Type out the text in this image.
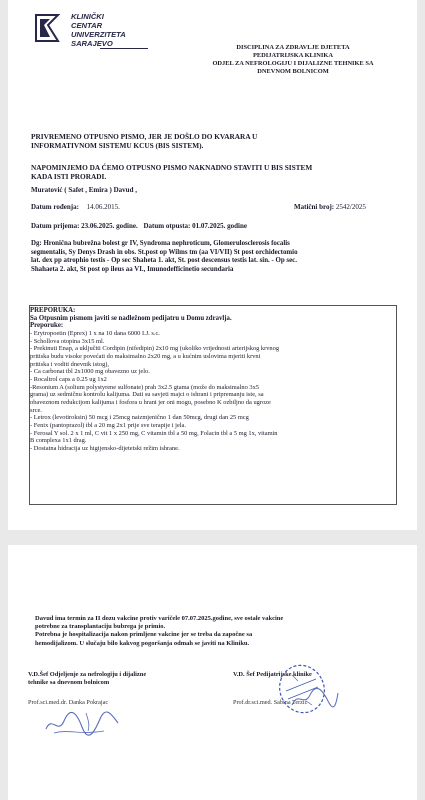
KLINIČKI
CENTAR
UNIVERZITETA
SARAJEVO	DISCIPLINA ZA ZDRAVLJE DJETETA
PEDIJATRIJSKA KLINIKA
ODJEL ZA NEFROLOGIJU I DIJALIZNE TEHNIKE SA
DNEVNOM BOLNICOM
PRIVREMENO OTPUSNO PISMO, JER JE DOŠLO DO KVARARA U
INFORMATIVNOM SISTEMU KCUS (BIS SISTEM).
NAPOMINJEMO DA ĆEMO OTPUSNO PISMO NAKNADNO STAVITI U BIS SISTEM
KADA ISTI PRORADI.
Muratović ( Safet , Emira ) Davud ,
Datum rođenja: 14.06.2015.	Matični broj: 2542/2025
Datum prijema: 23.06.2025. godine. Datum otpusta: 01.07.2025. godine
Dg: Hronična bubrežna bolest gr IV, Syndroma nephroticum, Glomerulosclerosis focalis
segmentalis, Sy Denys Drash in obs. St.post op Wilms tm (aa VI/VII) St post orchidectomio
lat. dex pp atrophio testis - Op sec Shaheta 1. akt, St. post descensus testis lat. sin. - Op sec.
Shahaeta 2. akt, St post op ileus aa VI., Imunodefficinetio secundaria
PREPORUKA:
Sa Otpusnim pismom javiti se nadležnom pedijatru u Domu zdravlja.
Preporuke:
- Erytropoetin (Eprex) 1 x na 10 dana 6000 I.J. s.c.
- Schollova otopina 3x15 ml.
- Prekinuti Enap, a uključiti Cordipin (nifedipin) 2x10 mg (ukoliko vrijednosti arterijskog krvnog
pritiska budu visoke povećati do maksimalno 2x20 mg, a u kućnim uslovima mjeriti krvni
pritiska i voditi dnevnik istog),
- Ca carbonat tbl 2x1000 mg obavezno uz jelo.
- Rocaltrol caps a 0.25 ug 1x2
-Resonium A (solium polystyrene sulfonate) prah 3x2.5 gtama (može do maksimalno 3x5
grama) uz sedmičnu kontrolu kalijuma. Dati su savjeti majci o ishrani i pripremanju iste, sa
obaveznom redukcijom kalijuma i fosfora u hrani jer oni mogu, posebno K ozbiljno da ugroze
srce.
- Letrox (levotiroksin) 50 mcg i 25mcg naizmjenično 1 dan 50mcg, drugi dan 25 mcg
- Fenix (pantoprazol) tbl a 20 mg 2x1 prije sve terapije i jela.
- Ferosal Y sol. 2 x 1 ml, C vit 1 x 250 mg, C vitamin tbl a 50 mg, Folacin tbl a 5 mg 1x, vitamin
B complexa 1x1 drag.
- Dostatna hidracija uz higijensko-dijetetski režim ishrane.
Davud ima termin za II dozu vakcine protiv varičele 07.07.2025.godine, sve ostale vakcine
potrebne za transplantaciju bubrega je primio.
Potrebna je hospitalizacija nakon primljene vakcine jer se treba da započne sa
hemodijalizom. U slučaju bilo kakvog pogoršanja odmah se javiti na Kliniku.
V.D.Šef Odjeljenje za nefrologiju i dijalizne
tehnike sa dnevnom bolnicom
Prof.sci.med.dr. Danka Pokrajac
V.D. Šef Pedijatrijske klinike
Prof.dr.sci.med. Sabina Terzić
